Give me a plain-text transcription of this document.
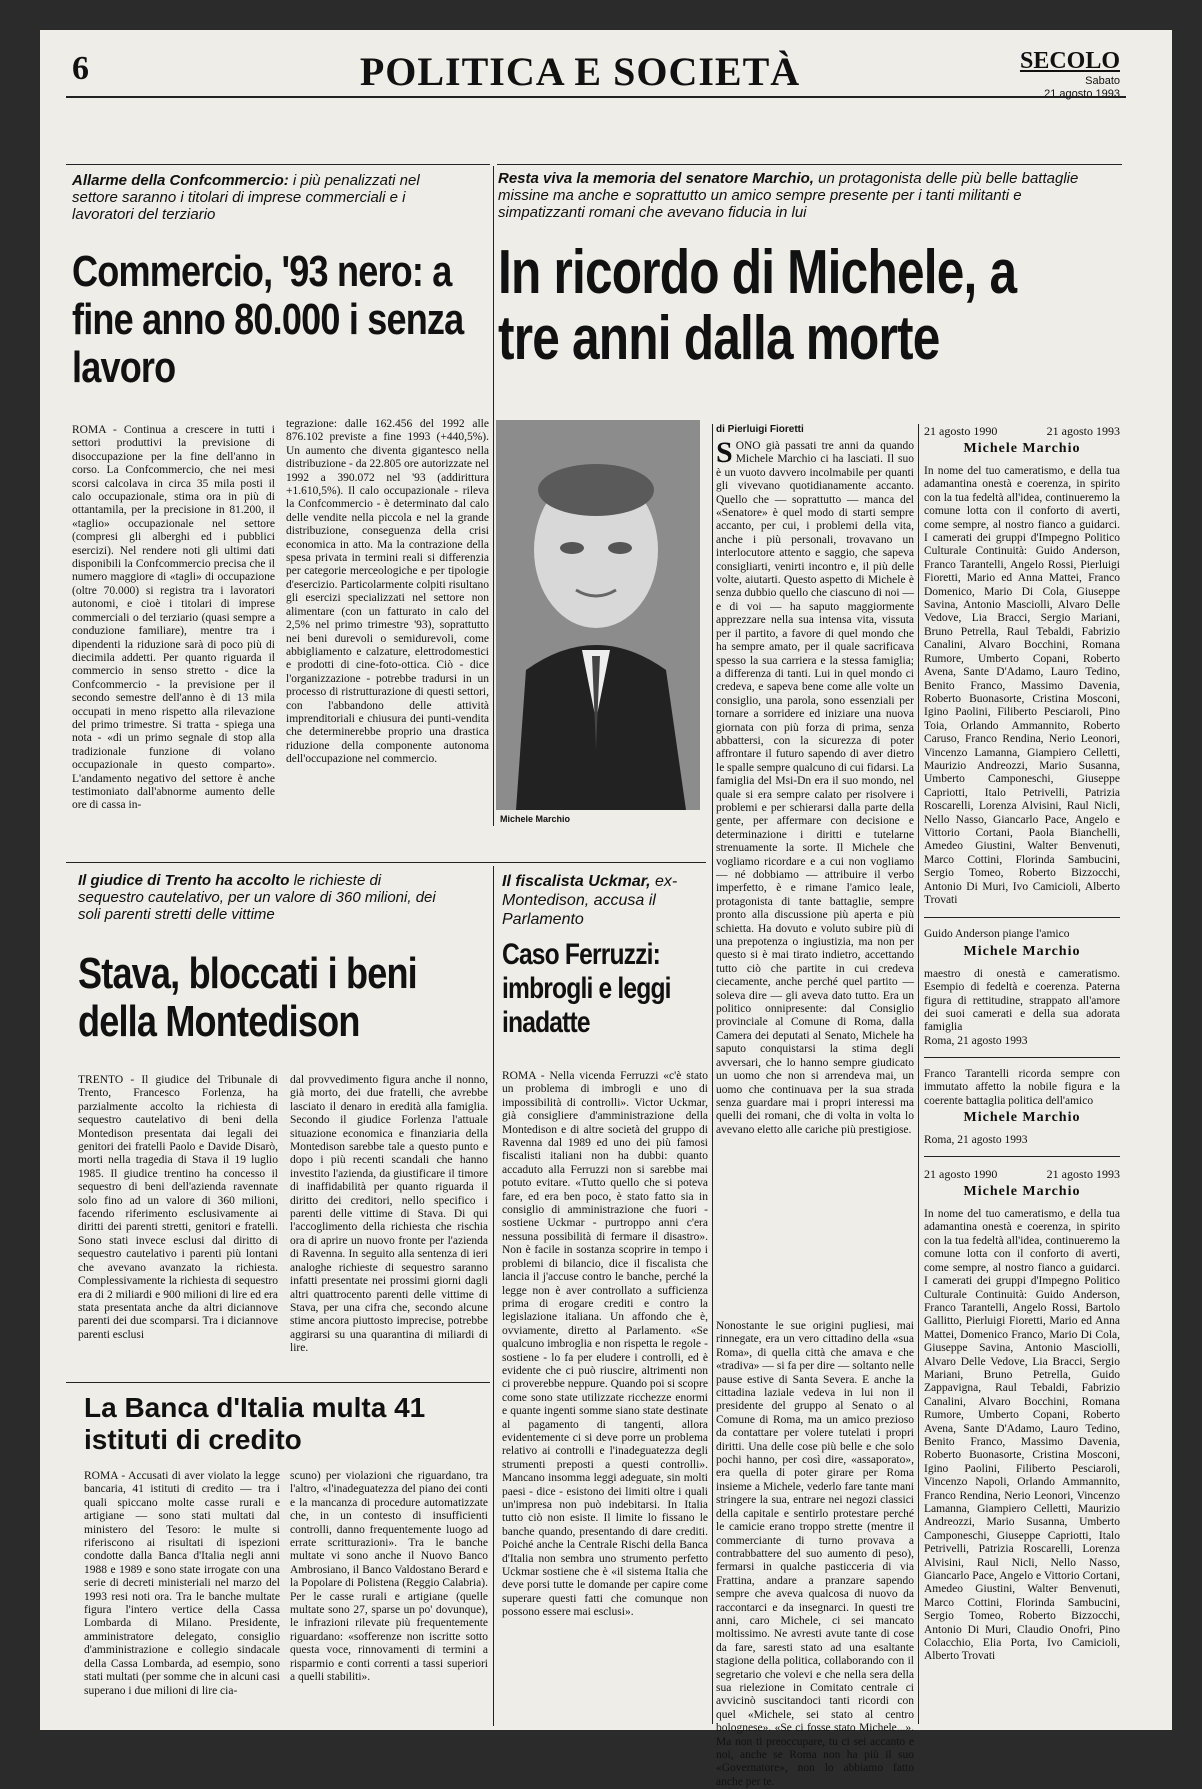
6	POLITICA E SOCIETÀ	SECOLO
Sabato
21 agosto 1993
Allarme della Confcommercio: i più penalizzati nel settore saranno i titolari di imprese commerciali e i lavoratori del terziario
Commercio, '93 nero: a fine anno 80.000 i senza lavoro
ROMA - Continua a crescere in tutti i settori produttivi la previsione di disoccupazione per la fine dell'anno in corso. La Confcommercio, che nei mesi scorsi calcolava in circa 35 mila posti il calo occupazionale, stima ora in più di ottantamila, per la precisione in 81.200, il «taglio» occupazionale nel settore (compresi gli alberghi ed i pubblici esercizi). Nel rendere noti gli ultimi dati disponibili la Confcommercio precisa che il numero maggiore di «tagli» di occupazione (oltre 70.000) si registra tra i lavoratori autonomi, e cioè i titolari di imprese commerciali o del terziario (quasi sempre a conduzione familiare), mentre tra i dipendenti la riduzione sarà di poco più di diecimila addetti. Per quanto riguarda il commercio in senso stretto - dice la Confcommercio - la previsione per il secondo semestre dell'anno è di 13 mila occupati in meno rispetto alla rilevazione del primo trimestre. Si tratta - spiega una nota - «di un primo segnale di stop alla tradizionale funzione di volano occupazionale in questo comparto». L'andamento negativo del settore è anche testimoniato dall'abnorme aumento delle ore di cassa in-
tegrazione: dalle 162.456 del 1992 alle 876.102 previste a fine 1993 (+440,5%). Un aumento che diventa gigantesco nella distribuzione - da 22.805 ore autorizzate nel 1992 a 390.072 nel '93 (addirittura +1.610,5%). Il calo occupazionale - rileva la Confcommercio - è determinato dal calo delle vendite nella piccola e nel la grande distribuzione, conseguenza della crisi economica in atto. Ma la contrazione della spesa privata in termini reali si differenzia per categorie merceologiche e per tipologie d'esercizio. Particolarmente colpiti risultano gli esercizi specializzati nel settore non alimentare (con un fatturato in calo del 2,5% nel primo trimestre '93), soprattutto nei beni durevoli o semidurevoli, come abbigliamento e calzature, elettrodomestici e prodotti di cine-foto-ottica. Ciò - dice l'organizzazione - potrebbe tradursi in un processo di ristrutturazione di questi settori, con l'abbandono delle attività imprenditoriali e chiusura dei punti-vendita che determinerebbe proprio una drastica riduzione della componente autonoma dell'occupazione nel commercio.
Resta viva la memoria del senatore Marchio, un protagonista delle più belle battaglie missine ma anche e soprattutto un amico sempre presente per i tanti militanti e simpatizzanti romani che avevano fiducia in lui
In ricordo di Michele, a tre anni dalla morte
Michele Marchio
di Pierluigi Fioretti
SONO già passati tre anni da quando Michele Marchio ci ha lasciati. Il suo è un vuoto davvero incolmabile per quanti gli vivevano quotidianamente accanto. Quello che — soprattutto — manca del «Senatore» è quel modo di starti sempre accanto, per cui, i problemi della vita, anche i più personali, trovavano un interlocutore attento e saggio, che sapeva consigliarti, venirti incontro e, il più delle volte, aiutarti. Questo aspetto di Michele è senza dubbio quello che ciascuno di noi — e di voi — ha saputo maggiormente apprezzare nella sua intensa vita, vissuta per il partito, a favore di quel mondo che ha sempre amato, per il quale sacrificava spesso la sua carriera e la stessa famiglia; a differenza di tanti. Lui in quel mondo ci credeva, e sapeva bene come alle volte un consiglio, una parola, sono essenziali per tornare a sorridere ed iniziare una nuova giornata con più forza di prima, senza abbattersi, con la sicurezza di poter affrontare il futuro sapendo di aver dietro le spalle sempre qualcuno di cui fidarsi. La famiglia del Msi-Dn era il suo mondo, nel quale si era sempre calato per risolvere i problemi e per schierarsi dalla parte della gente, per affermare con decisione e determinazione i diritti e tutelarne strenuamente la sorte. Il Michele che vogliamo ricordare e a cui non vogliamo — né dobbiamo — attribuire il verbo imperfetto, è e rimane l'amico leale, protagonista di tante battaglie, sempre pronto alla discussione più aperta e più schietta. Ha dovuto e voluto subire più di una prepotenza o ingiustizia, ma non per questo si è mai tirato indietro, accettando tutto ciò che partite in cui credeva ciecamente, anche perché quel partito — soleva dire — gli aveva dato tutto. Era un politico onnipresente: dal Consiglio provinciale al Comune di Roma, dalla Camera dei deputati al Senato, Michele ha saputo conquistarsi la stima degli avversari, che lo hanno sempre giudicato un uomo che non si arrendeva mai, un uomo che continuava per la sua strada senza guardare mai i propri interessi ma quelli dei romani, che di volta in volta lo avevano eletto alle cariche più prestigiose.
Nonostante le sue origini pugliesi, mai rinnegate, era un vero cittadino della «sua Roma», di quella città che amava e che «tradiva» — si fa per dire — soltanto nelle pause estive di Santa Severa. E anche la cittadina laziale vedeva in lui non il presidente del gruppo al Senato o al Comune di Roma, ma un amico prezioso da contattare per volere tutelati i propri diritti. Una delle cose più belle e che solo pochi hanno, per così dire, «assaporato», era quella di poter girare per Roma insieme a Michele, vederlo fare tante mani stringere la sua, entrare nei negozi classici della capitale e sentirlo protestare perché le camicie erano troppo strette (mentre il commerciante di turno provava a contrabbattere del suo aumento di peso), fermarsi in qualche pasticceria di via Frattina, andare a pranzare sapendo sempre che aveva qualcosa di nuovo da raccontarci e da insegnarci. In questi tre anni, caro Michele, ci sei mancato moltissimo. Ne avresti avute tante di cose da fare, saresti stato ad una esaltante stagione della politica, collaborando con il segretario che volevi e che nella sera della sua rielezione in Comitato centrale ci avvicinò suscitandoci tanti ricordi con quel «Michele, sei stato al centro bolognese». «Se ci fosse stato Michele...». Ma non ti preoccupare, tu ci sei accanto e noi, anche se Roma non ha più il suo «Governatore», non lo abbiamo fatto anche per te.
21 agosto 1990	21 agosto 1993
Michele Marchio
In nome del tuo cameratismo, e della tua adamantina onestà e coerenza, in spirito con la tua fedeltà all'idea, continueremo la comune lotta con il conforto di averti, come sempre, al nostro fianco a guidarci. I camerati dei gruppi d'Impegno Politico Culturale Continuità: Guido Anderson, Franco Tarantelli, Angelo Rossi, Pierluigi Fioretti, Mario ed Anna Mattei, Franco Domenico, Mario Di Cola, Giuseppe Savina, Antonio Masciolli, Alvaro Delle Vedove, Lia Bracci, Sergio Mariani, Bruno Petrella, Raul Tebaldi, Fabrizio Canalini, Alvaro Bocchini, Romana Rumore, Umberto Copani, Roberto Avena, Sante D'Adamo, Lauro Tedino, Benito Franco, Massimo Davenia, Roberto Buonasorte, Cristina Mosconi, Igino Paolini, Filiberto Pesciaroli, Pino Toia, Orlando Ammannito, Roberto Caruso, Franco Rendina, Nerio Leonori, Vincenzo Lamanna, Giampiero Celletti, Maurizio Andreozzi, Mario Susanna, Umberto Camponeschi, Giuseppe Capriotti, Italo Petrivelli, Patrizia Roscarelli, Lorenza Alvisini, Raul Nicli, Nello Nasso, Giancarlo Pace, Angelo e Vittorio Cortani, Paola Bianchelli, Amedeo Giustini, Walter Benvenuti, Marco Cottini, Florinda Sambucini, Sergio Tomeo, Roberto Bizzocchi, Antonio Di Muri, Ivo Camicioli, Alberto Trovati
Guido Anderson piange l'amico
Michele Marchio
maestro di onestà e cameratismo. Esempio di fedeltà e coerenza. Paterna figura di rettitudine, strappato all'amore dei suoi camerati e della sua adorata famiglia
Roma, 21 agosto 1993
Franco Tarantelli ricorda sempre con immutato affetto la nobile figura e la coerente battaglia politica dell'amico
Michele Marchio
Roma, 21 agosto 1993
21 agosto 1990	21 agosto 1993
Michele Marchio
In nome del tuo cameratismo, e della tua adamantina onestà e coerenza, in spirito con la tua fedeltà all'idea, continueremo la comune lotta con il conforto di averti, come sempre, al nostro fianco a guidarci. I camerati dei gruppi d'Impegno Politico Culturale Continuità: Guido Anderson, Franco Tarantelli, Angelo Rossi, Bartolo Gallitto, Pierluigi Fioretti, Mario ed Anna Mattei, Domenico Franco, Mario Di Cola, Giuseppe Savina, Antonio Masciolli, Alvaro Delle Vedove, Lia Bracci, Sergio Mariani, Bruno Petrella, Guido Zappavigna, Raul Tebaldi, Fabrizio Canalini, Alvaro Bocchini, Romana Rumore, Umberto Copani, Roberto Avena, Sante D'Adamo, Lauro Tedino, Benito Franco, Massimo Davenia, Roberto Buonasorte, Cristina Mosconi, Igino Paolini, Filiberto Pesciaroli, Vincenzo Napoli, Orlando Ammannito, Franco Rendina, Nerio Leonori, Vincenzo Lamanna, Giampiero Celletti, Maurizio Andreozzi, Mario Susanna, Umberto Camponeschi, Giuseppe Capriotti, Italo Petrivelli, Patrizia Roscarelli, Lorenza Alvisini, Raul Nicli, Nello Nasso, Giancarlo Pace, Angelo e Vittorio Cortani, Amedeo Giustini, Walter Benvenuti, Marco Cottini, Florinda Sambucini, Sergio Tomeo, Roberto Bizzocchi, Antonio Di Muri, Claudio Onofri, Pino Colacchio, Elia Porta, Ivo Camicioli, Alberto Trovati
Il giudice di Trento ha accolto le richieste di sequestro cautelativo, per un valore di 360 milioni, dei soli parenti stretti delle vittime
Stava, bloccati i beni della Montedison
TRENTO - Il giudice del Tribunale di Trento, Francesco Forlenza, ha parzialmente accolto la richiesta di sequestro cautelativo di beni della Montedison presentata dai legali dei genitori dei fratelli Paolo e Davide Disarò, morti nella tragedia di Stava il 19 luglio 1985. Il giudice trentino ha concesso il sequestro di beni dell'azienda ravennate solo fino ad un valore di 360 milioni, facendo riferimento esclusivamente ai diritti dei parenti stretti, genitori e fratelli. Sono stati invece esclusi dal diritto di sequestro cautelativo i parenti più lontani che avevano avanzato la richiesta. Complessivamente la richiesta di sequestro era di 2 miliardi e 900 milioni di lire ed era stata presentata anche da altri diciannove parenti dei due scomparsi. Tra i diciannove parenti esclusi
dal provvedimento figura anche il nonno, già morto, dei due fratelli, che avrebbe lasciato il denaro in eredità alla famiglia. Secondo il giudice Forlenza l'attuale situazione economica e finanziaria della Montedison sarebbe tale a questo punto e dopo i più recenti scandali che hanno investito l'azienda, da giustificare il timore di inaffidabilità per quanto riguarda il diritto dei creditori, nello specifico i parenti delle vittime di Stava. Di qui l'accoglimento della richiesta che rischia ora di aprire un nuovo fronte per l'azienda di Ravenna. In seguito alla sentenza di ieri analoghe richieste di sequestro saranno infatti presentate nei prossimi giorni dagli altri quattrocento parenti delle vittime di Stava, per una cifra che, secondo alcune stime ancora piuttosto imprecise, potrebbe aggirarsi su una quarantina di miliardi di lire.
Il fiscalista Uckmar, ex- Montedison, accusa il Parlamento
Caso Ferruzzi: imbrogli e leggi inadatte
ROMA - Nella vicenda Ferruzzi «c'è stato un problema di imbrogli e uno di impossibilità di controlli». Victor Uckmar, già consigliere d'amministrazione della Montedison e di altre società del gruppo di Ravenna dal 1989 ed uno dei più famosi fiscalisti italiani non ha dubbi: quanto accaduto alla Ferruzzi non si sarebbe mai potuto evitare. «Tutto quello che si poteva fare, ed era ben poco, è stato fatto sia in consiglio di amministrazione che fuori - sostiene Uckmar - purtroppo anni c'era nessuna possibilità di fermare il disastro». Non è facile in sostanza scoprire in tempo i problemi di bilancio, dice il fiscalista che lancia il j'accuse contro le banche, perché la legge non è aver controllato a sufficienza prima di erogare crediti e contro la legislazione italiana. Un affondo che è, ovviamente, diretto al Parlamento. «Se qualcuno imbroglia e non rispetta le regole - sostiene - lo fa per eludere i controlli, ed è evidente che ci può riuscire, altrimenti non ci proverebbe neppure. Quando poi si scopre come sono state utilizzate ricchezze enormi e quante ingenti somme siano state destinate al pagamento di tangenti, allora evidentemente ci si deve porre un problema relativo ai controlli e l'inadeguatezza degli strumenti preposti a questi controlli». Mancano insomma leggi adeguate, sin molti paesi - dice - esistono dei limiti oltre i quali un'impresa non può indebitarsi. In Italia tutto ciò non esiste. Il limite lo fissano le banche quando, presentando di dare crediti. Poiché anche la Centrale Rischi della Banca d'Italia non sembra uno strumento perfetto Uckmar sostiene che è «il sistema Italia che deve porsi tutte le domande per capire come superare questi fatti che comunque non possono essere mai esclusi».
La Banca d'Italia multa 41 istituti di credito
ROMA - Accusati di aver violato la legge bancaria, 41 istituti di credito — tra i quali spiccano molte casse rurali e artigiane — sono stati multati dal ministero del Tesoro: le multe si riferiscono ai risultati di ispezioni condotte dalla Banca d'Italia negli anni 1988 e 1989 e sono state irrogate con una serie di decreti ministeriali nel marzo del 1993 resi noti ora. Tra le banche multate figura l'intero vertice della Cassa Lombarda di Milano. Presidente, amministratore delegato, consiglio d'amministrazione e collegio sindacale della Cassa Lombarda, ad esempio, sono stati multati (per somme che in alcuni casi superano i due milioni di lire cia-
scuno) per violazioni che riguardano, tra l'altro, «l'inadeguatezza del piano dei conti e la mancanza di procedure automatizzate che, in un contesto di insufficienti controlli, danno frequentemente luogo ad errate scritturazioni». Tra le banche multate vi sono anche il Nuovo Banco Ambrosiano, il Banco Valdostano Berard e la Popolare di Polistena (Reggio Calabria). Per le casse rurali e artigiane (quelle multate sono 27, sparse un po' dovunque), le infrazioni rilevate più frequentemente riguardano: «sofferenze non iscritte sotto questa voce, rinnovamenti di termini a risparmio e conti correnti a tassi superiori a quelli stabiliti».
